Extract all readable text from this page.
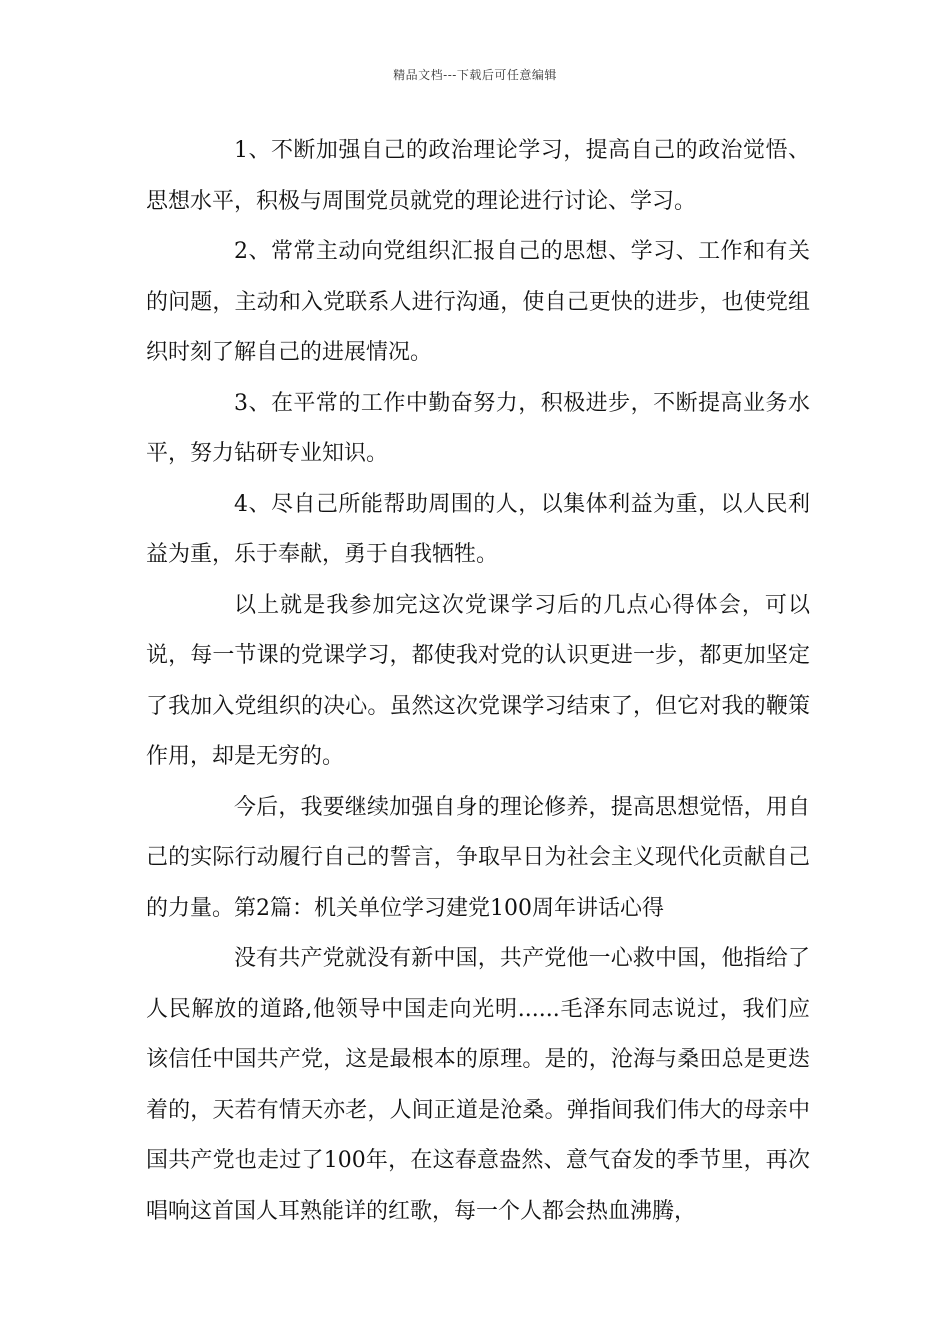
精品文档---下载后可任意编辑

1、不断加强自己的政治理论学习，提高自己的政治觉悟、思想水平，积极与周围党员就党的理论进行讨论、学习。

2、常常主动向党组织汇报自己的思想、学习、工作和有关的问题，主动和入党联系人进行沟通，使自己更快的进步，也使党组织时刻了解自己的进展情况。

3、在平常的工作中勤奋努力，积极进步，不断提高业务水平，努力钻研专业知识。

4、尽自己所能帮助周围的人，以集体利益为重，以人民利益为重，乐于奉献，勇于自我牺牲。

以上就是我参加完这次党课学习后的几点心得体会，可以说，每一节课的党课学习，都使我对党的认识更进一步，都更加坚定了我加入党组织的决心。虽然这次党课学习结束了，但它对我的鞭策作用，却是无穷的。

今后，我要继续加强自身的理论修养，提高思想觉悟，用自己的实际行动履行自己的誓言，争取早日为社会主义现代化贡献自己的力量。第2篇：机关单位学习建党100周年讲话心得

没有共产党就没有新中国，共产党他一心救中国，他指给了人民解放的道路,他领导中国走向光明......毛泽东同志说过，我们应该信任中国共产党，这是最根本的原理。是的，沧海与桑田总是更迭着的，天若有情天亦老，人间正道是沧桑。弹指间我们伟大的母亲中国共产党也走过了100年，在这春意盎然、意气奋发的季节里，再次唱响这首国人耳熟能详的红歌，每一个人都会热血沸腾，
